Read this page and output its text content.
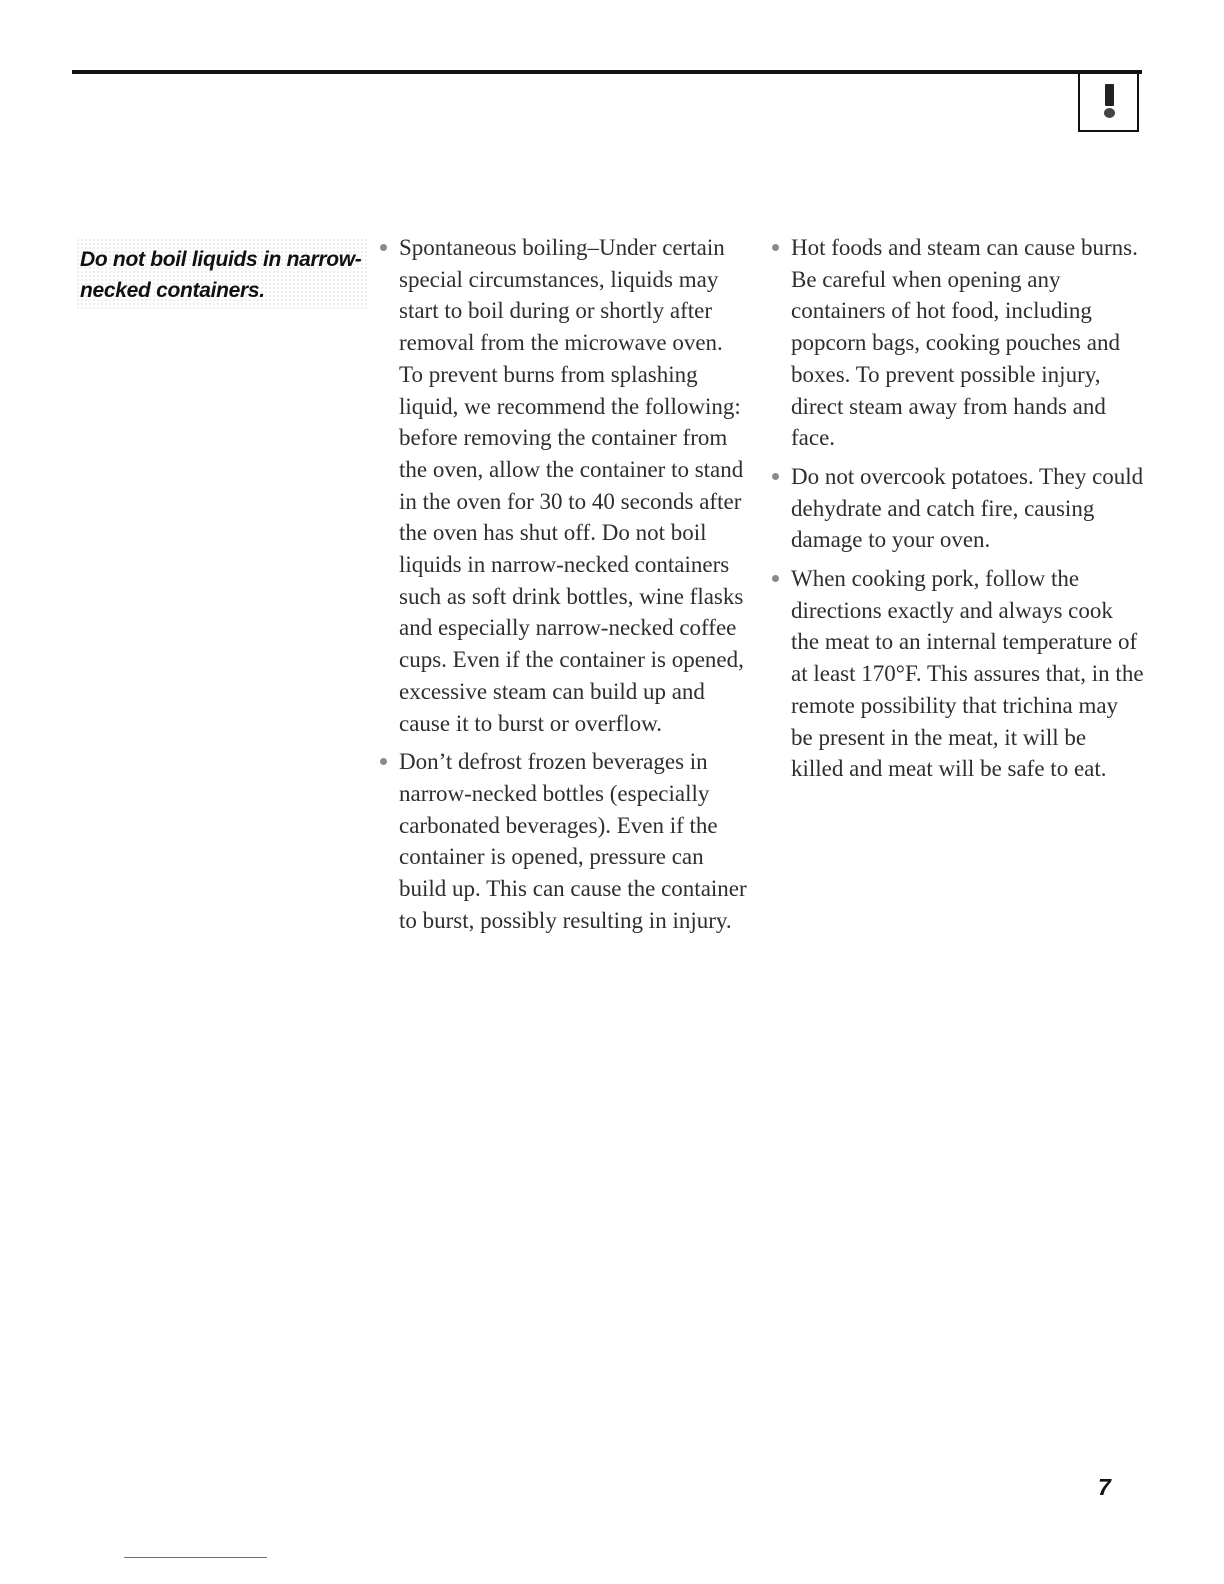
Do not boil liquids in narrow-necked containers.
Spontaneous boiling–Under certain special circumstances, liquids may start to boil during or shortly after removal from the microwave oven. To prevent burns from splashing liquid, we recommend the following: before removing the container from the oven, allow the container to stand in the oven for 30 to 40 seconds after the oven has shut off. Do not boil liquids in narrow-necked containers such as soft drink bottles, wine flasks and especially narrow-necked coffee cups. Even if the container is opened, excessive steam can build up and cause it to burst or overflow.
Don’t defrost frozen beverages in narrow-necked bottles (especially carbonated beverages). Even if the container is opened, pressure can build up. This can cause the container to burst, possibly resulting in injury.
Hot foods and steam can cause burns. Be careful when opening any containers of hot food, including popcorn bags, cooking pouches and boxes. To prevent possible injury, direct steam away from hands and face.
Do not overcook potatoes. They could dehydrate and catch fire, causing damage to your oven.
When cooking pork, follow the directions exactly and always cook the meat to an internal temperature of at least 170°F. This assures that, in the remote possibility that trichina may be present in the meat, it will be killed and meat will be safe to eat.
7
